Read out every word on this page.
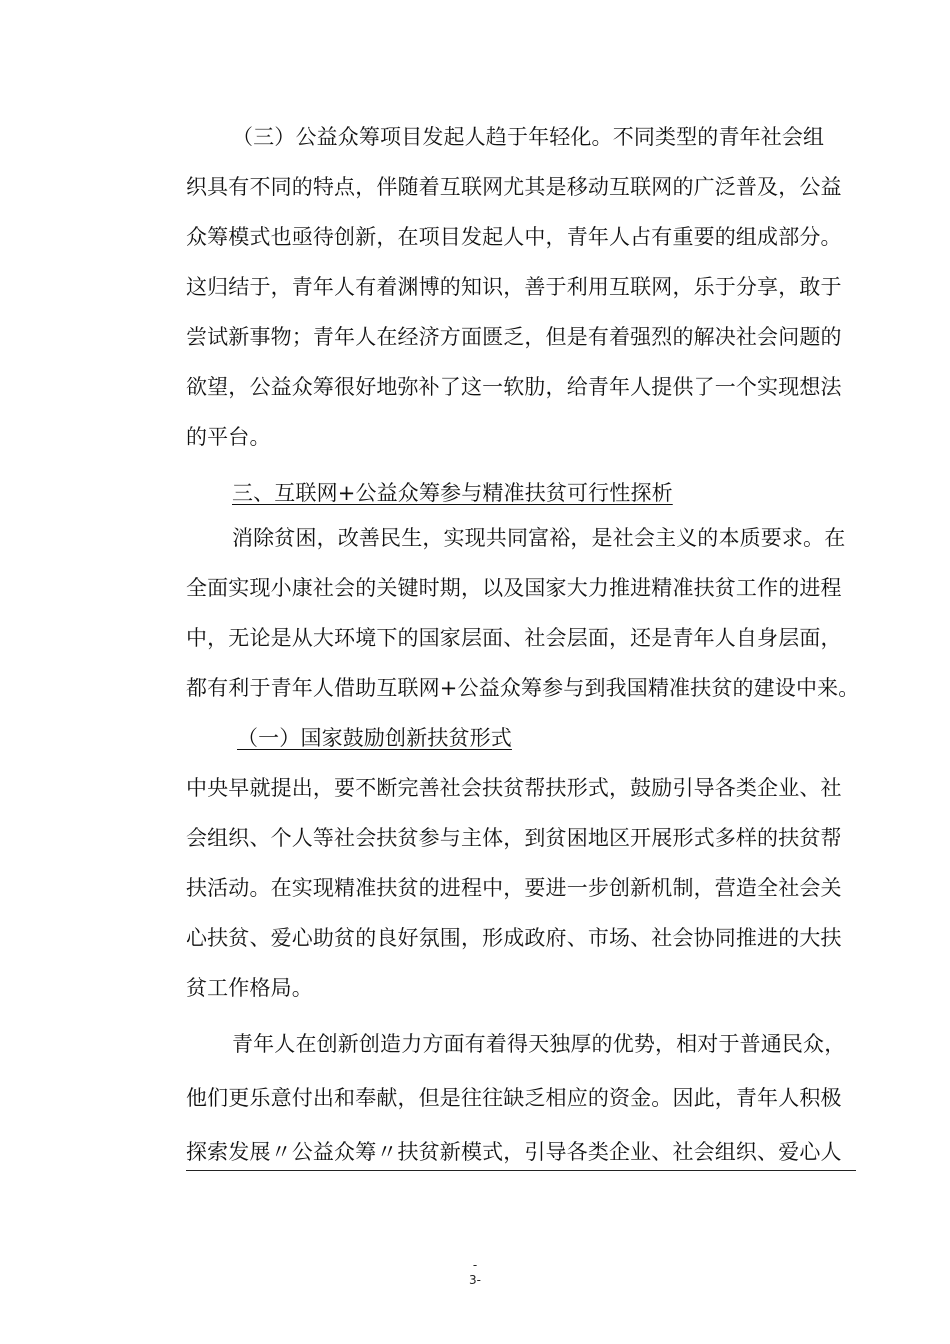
（三）公益众筹项目发起人趋于年轻化。不同类型的青年社会组
织具有不同的特点，伴随着互联网尤其是移动互联网的广泛普及，公益
众筹模式也亟待创新，在项目发起人中，青年人占有重要的组成部分。
这归结于，青年人有着渊博的知识，善于利用互联网，乐于分享，敢于
尝试新事物；青年人在经济方面匮乏，但是有着强烈的解决社会问题的
欲望，公益众筹很好地弥补了这一软肋，给青年人提供了一个实现想法
的平台。
三、互联网+公益众筹参与精准扶贫可行性探析
消除贫困，改善民生，实现共同富裕，是社会主义的本质要求。在
全面实现小康社会的关键时期，以及国家大力推进精准扶贫工作的进程
中，无论是从大环境下的国家层面、社会层面，还是青年人自身层面，
都有利于青年人借助互联网+公益众筹参与到我国精准扶贫的建设中来。
（一）国家鼓励创新扶贫形式
中央早就提出，要不断完善社会扶贫帮扶形式，鼓励引导各类企业、社
会组织、个人等社会扶贫参与主体，到贫困地区开展形式多样的扶贫帮
扶活动。在实现精准扶贫的进程中，要进一步创新机制，营造全社会关
心扶贫、爱心助贫的良好氛围，形成政府、市场、社会协同推进的大扶
贫工作格局。
青年人在创新创造力方面有着得天独厚的优势，相对于普通民众，
他们更乐意付出和奉献，但是往往缺乏相应的资金。因此，青年人积极
探索发展〃公益众筹〃扶贫新模式，引导各类企业、社会组织、爱心人
-
3-
